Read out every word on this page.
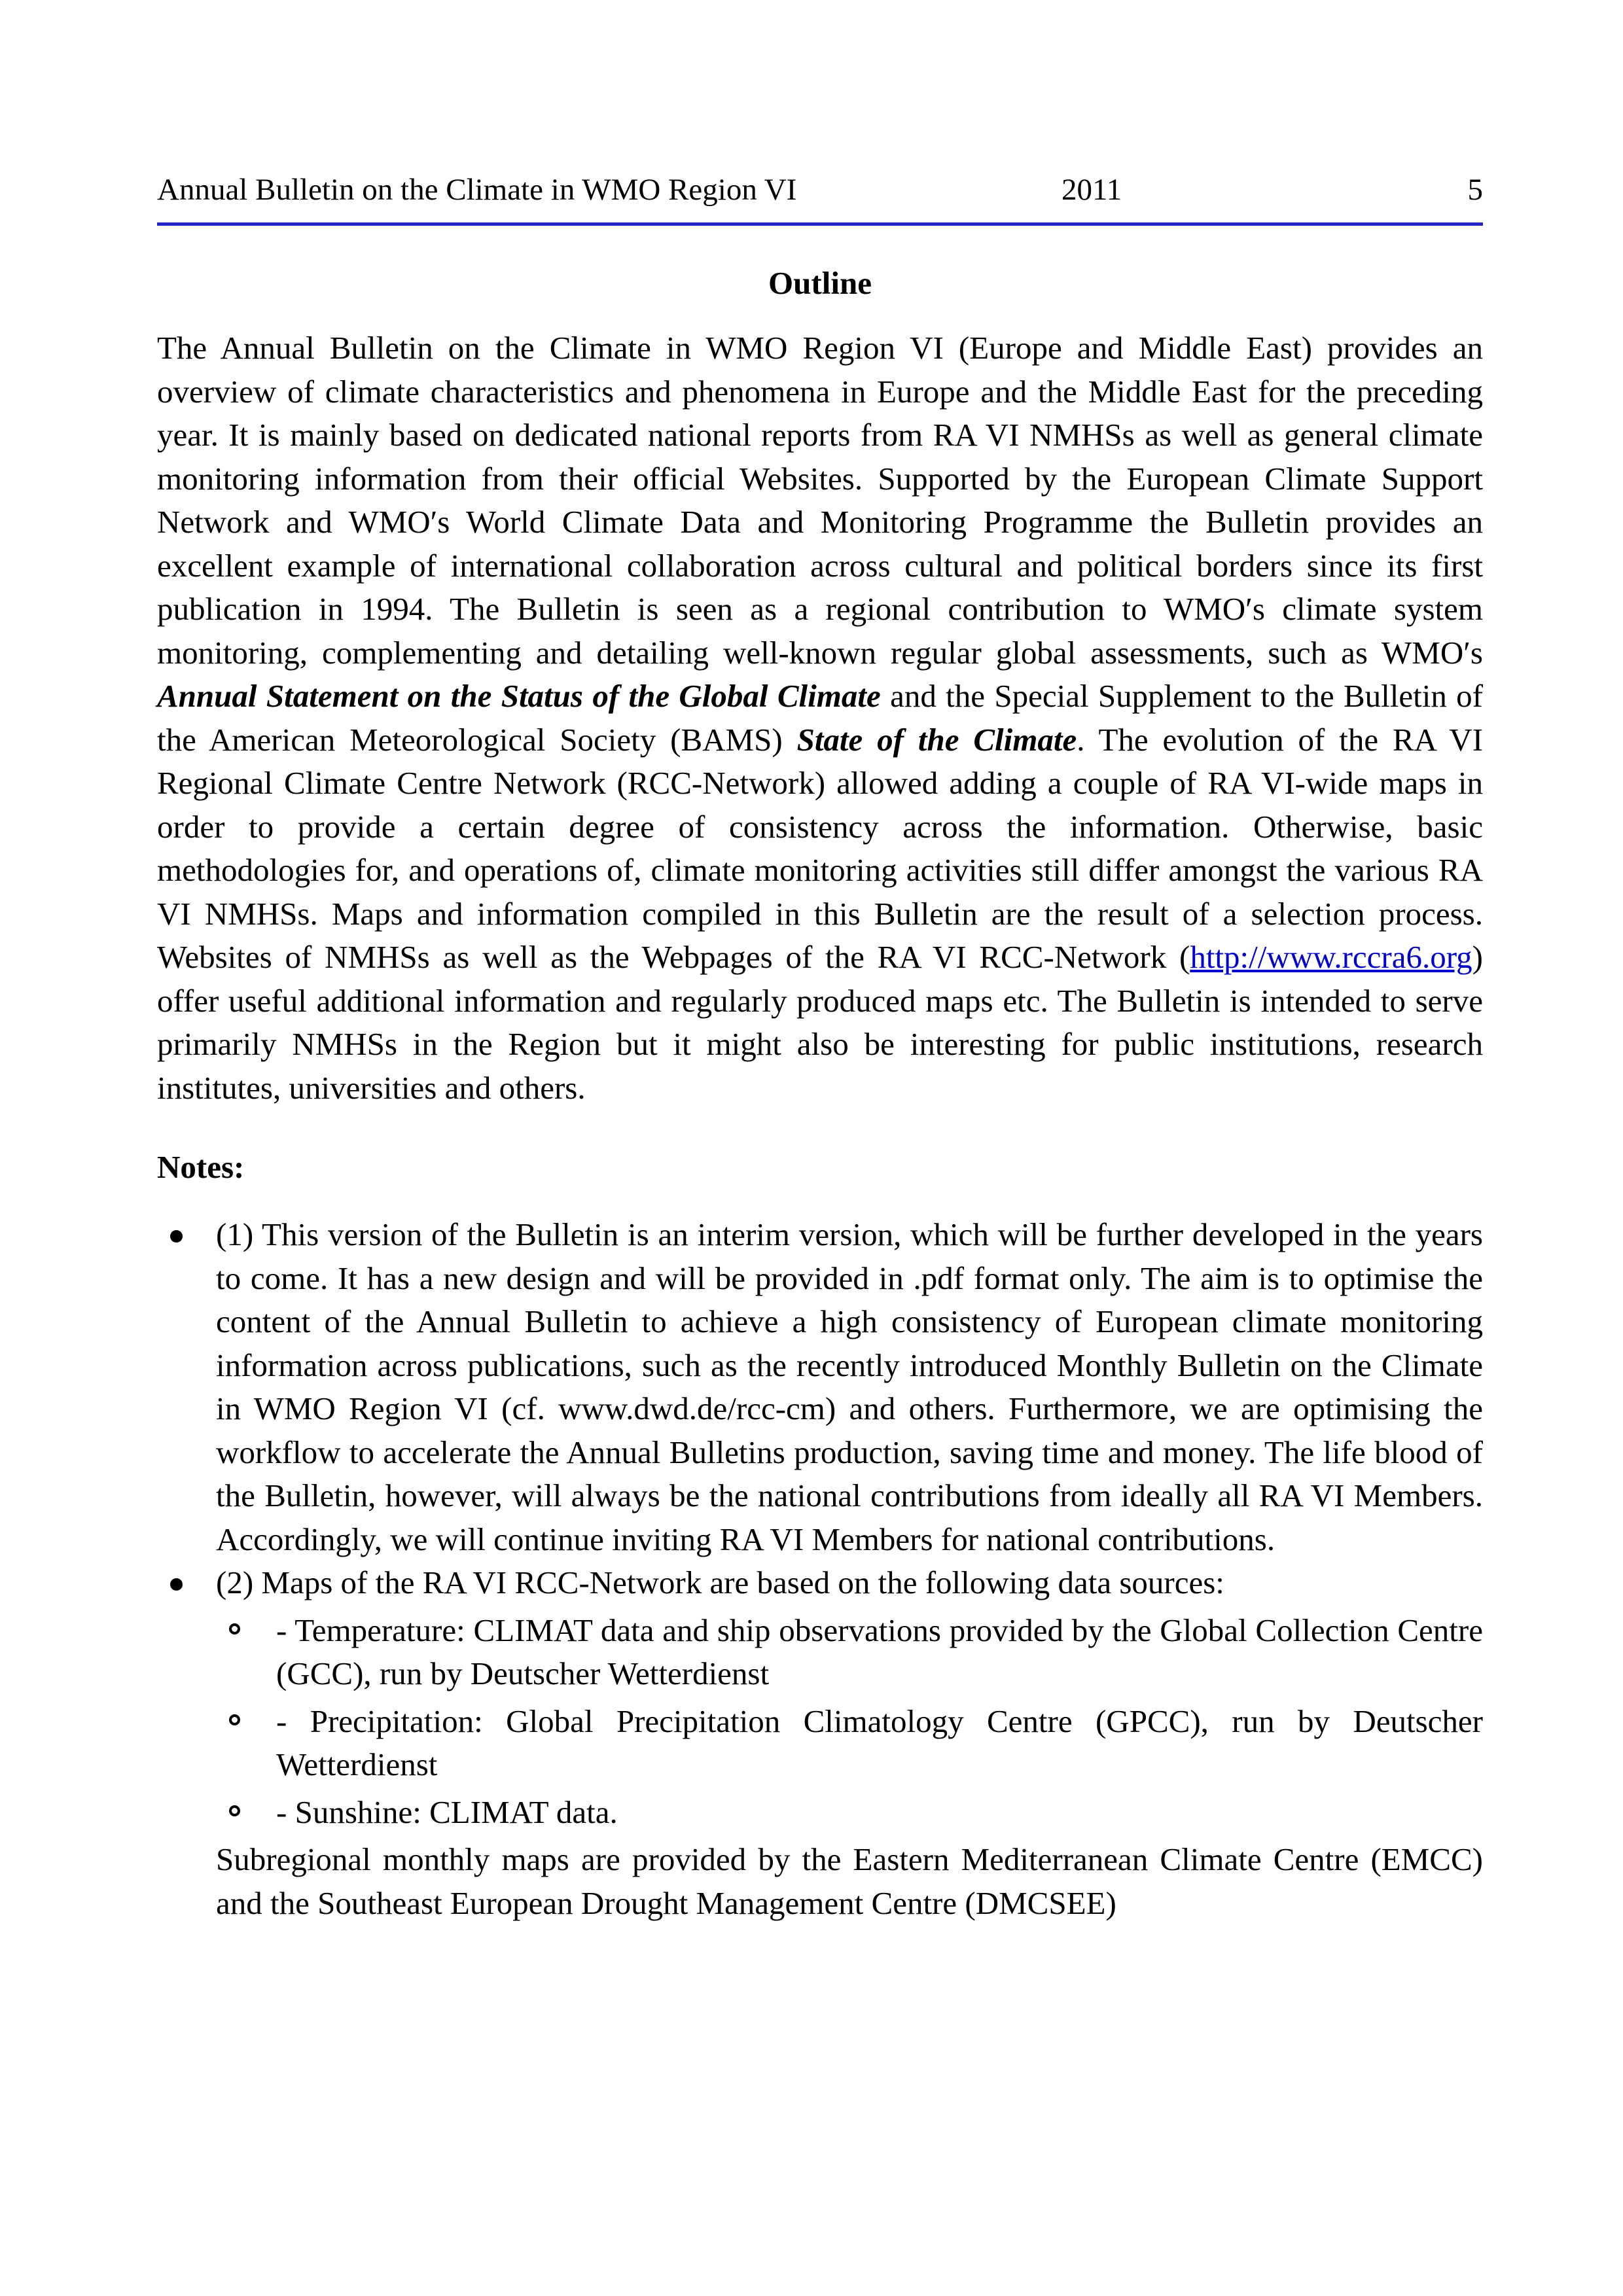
Annual Bulletin on the Climate in WMO Region VI	2011	5
Outline

The Annual Bulletin on the Climate in WMO Region VI (Europe and Middle East) provides an overview of climate characteristics and phenomena in Europe and the Middle East for the preceding year. It is mainly based on dedicated national reports from RA VI NMHSs as well as general climate monitoring information from their official Websites. Supported by the European Climate Support Network and WMO′s World Climate Data and Monitoring Programme the Bulletin provides an excellent example of international collaboration across cultural and political borders since its first publication in 1994. The Bulletin is seen as a regional contribution to WMO′s climate system monitoring, complementing and detailing well-known regular global assessments, such as WMO′s Annual Statement on the Status of the Global Climate and the Special Supplement to the Bulletin of the American Meteorological Society (BAMS) State of the Climate. The evolution of the RA VI Regional Climate Centre Network (RCC-Network) allowed adding a couple of RA VI-wide maps in order to provide a certain degree of consistency across the information. Otherwise, basic methodologies for, and operations of, climate monitoring activities still differ amongst the various RA VI NMHSs. Maps and information compiled in this Bulletin are the result of a selection process. Websites of NMHSs as well as the Webpages of the RA VI RCC-Network (http://www.rccra6.org) offer useful additional information and regularly produced maps etc. The Bulletin is intended to serve primarily NMHSs in the Region but it might also be interesting for public institutions, research institutes, universities and others.

Notes:
(1) This version of the Bulletin is an interim version, which will be further developed in the years to come. It has a new design and will be provided in .pdf format only. The aim is to optimise the content of the Annual Bulletin to achieve a high consistency of European climate monitoring information across publications, such as the recently introduced Monthly Bulletin on the Climate in WMO Region VI (cf. www.dwd.de/rcc-cm) and others. Furthermore, we are optimising the workflow to accelerate the Annual Bulletins production, saving time and money. The life blood of the Bulletin, however, will always be the national contributions from ideally all RA VI Members. Accordingly, we will continue inviting RA VI Members for national contributions.
(2) Maps of the RA VI RCC-Network are based on the following data sources:
- Temperature: CLIMAT data and ship observations provided by the Global Collection Centre (GCC), run by Deutscher Wetterdienst
- Precipitation: Global Precipitation Climatology Centre (GPCC), run by Deutscher Wetterdienst
- Sunshine: CLIMAT data.

Subregional monthly maps are provided by the Eastern Mediterranean Climate Centre (EMCC) and the Southeast European Drought Management Centre (DMCSEE)
